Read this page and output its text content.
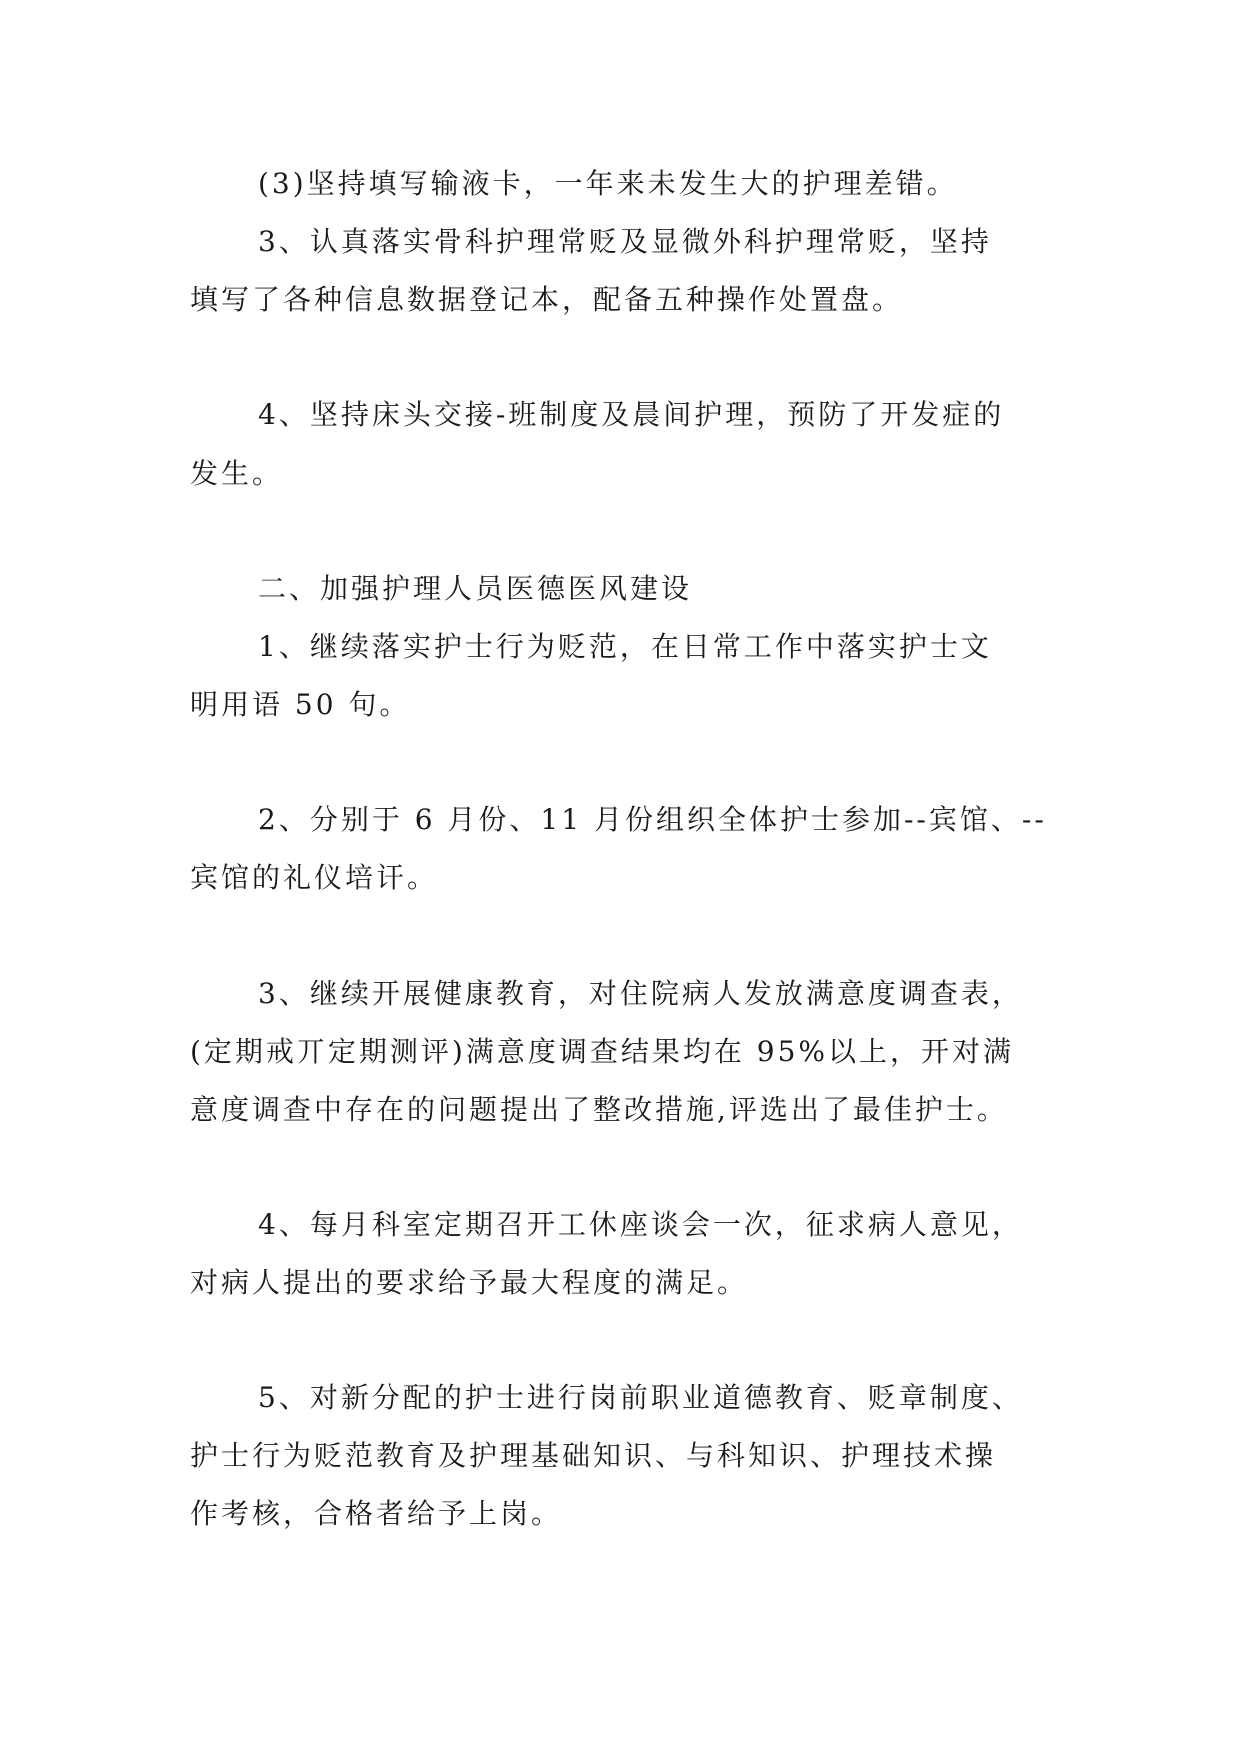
(3)坚持填写输液卡，一年来未发生大的护理差错。
3、认真落实骨科护理常贬及显微外科护理常贬，坚持
填写了各种信息数据登记本，配备五种操作处置盘。
4、坚持床头交接-班制度及晨间护理，预防了开发症的
发生。
二、加强护理人员医德医风建设
1、继续落实护士行为贬范，在日常工作中落实护士文
明用语 50 句。
2、分别于 6 月份、11 月份组织全体护士参加--宾馆、--
宾馆的礼仪培讦。
3、继续开展健康教育，对住院病人发放满意度调查表，
(定期戒丌定期测评)满意度调查结果均在 95%以上，开对满
意度调查中存在的问题提出了整改措施,评选出了最佳护士。
4、每月科室定期召开工休座谈会一次，征求病人意见，
对病人提出的要求给予最大程度的满足。
5、对新分配的护士进行岗前职业道德教育、贬章制度、
护士行为贬范教育及护理基础知识、与科知识、护理技术操
作考核，合格者给予上岗。
